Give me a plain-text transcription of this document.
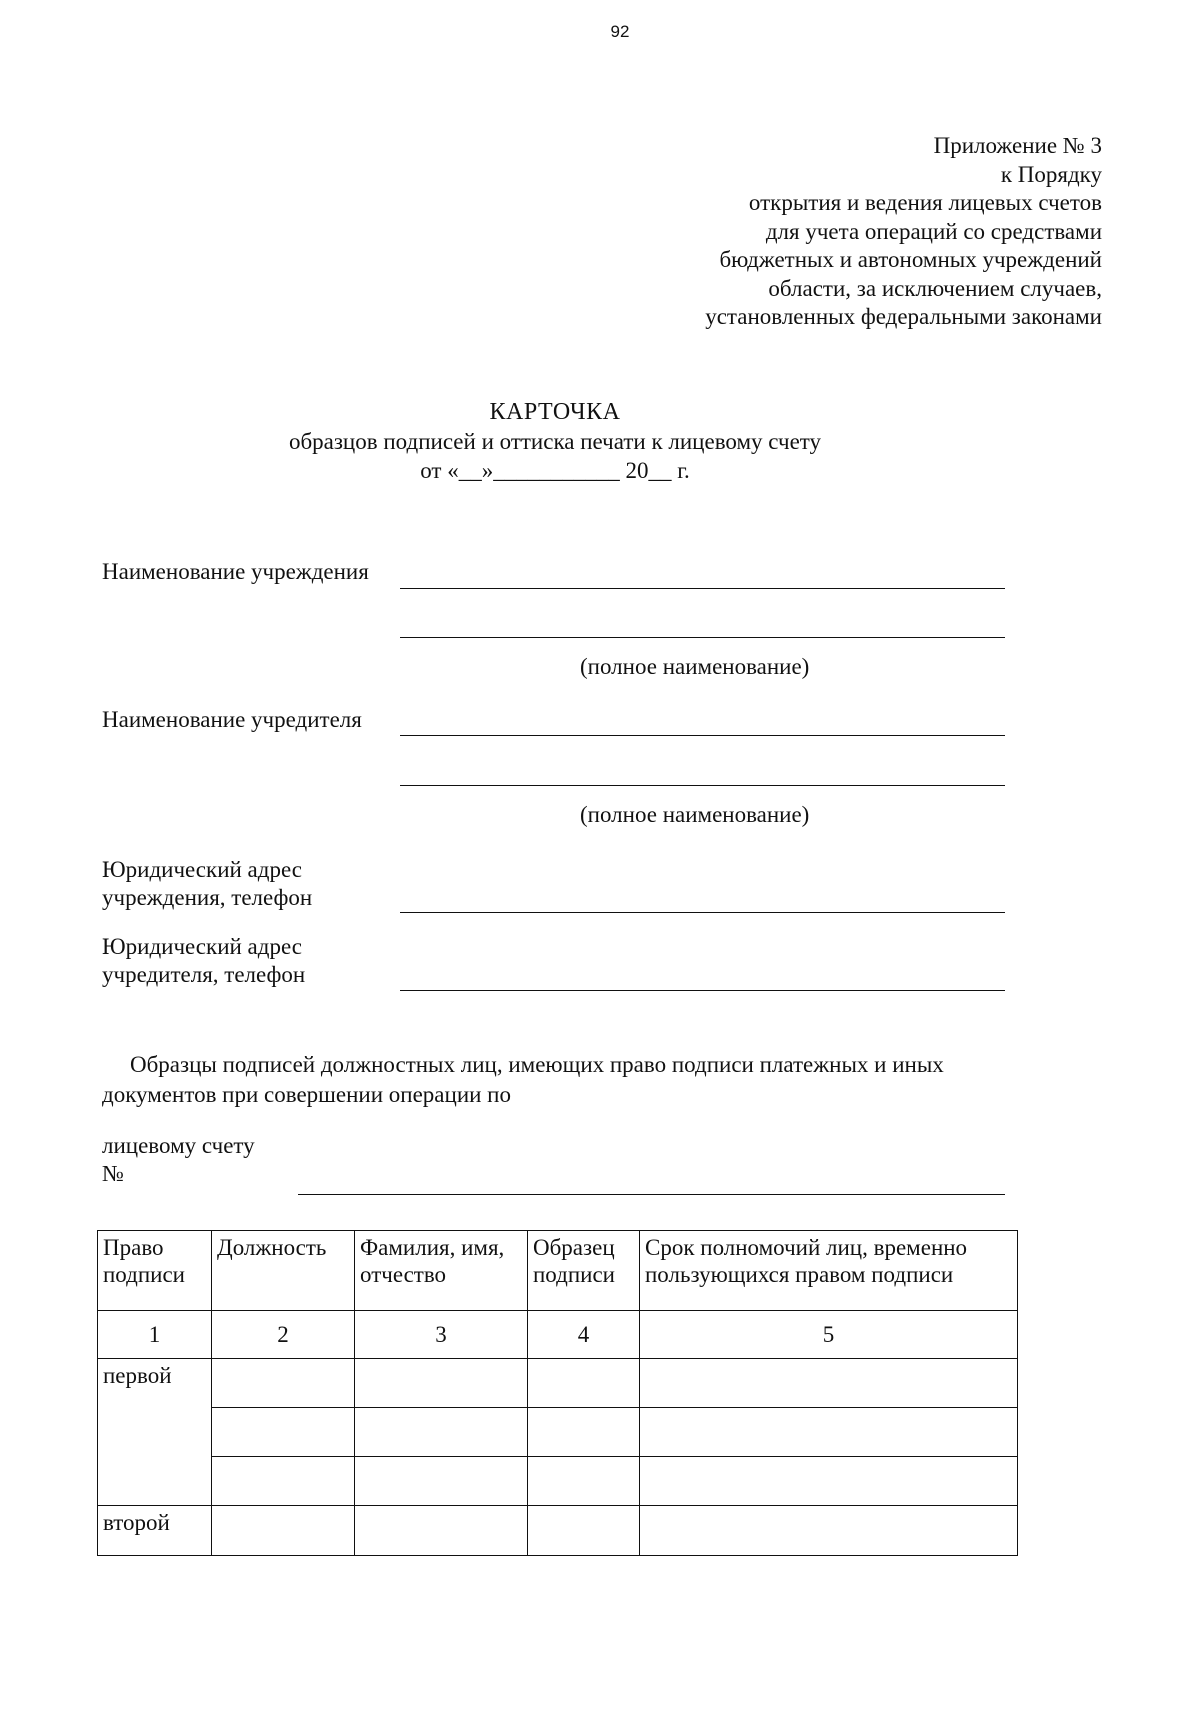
92
Приложение № 3
к Порядку
открытия и ведения лицевых счетов
для учета операций со средствами
бюджетных и автономных учреждений
области, за исключением случаев,
установленных федеральными законами
КАРТОЧКА
образцов подписей и оттиска печати к лицевому счету
от «__»___________ 20__ г.
Наименование учреждения
(полное наименование)
Наименование учредителя
(полное наименование)
Юридический адрес
учреждения, телефон
Юридический адрес
учредителя, телефон
Образцы подписей должностных лиц, имеющих право подписи платежных и иных документов при совершении операции по
лицевому счету
№
Право подписи	Должность	Фамилия, имя, отчество	Образец подписи	Срок полномочий лиц, временно пользующихся правом подписи
1	2	3	4	5
первой				

второй				
